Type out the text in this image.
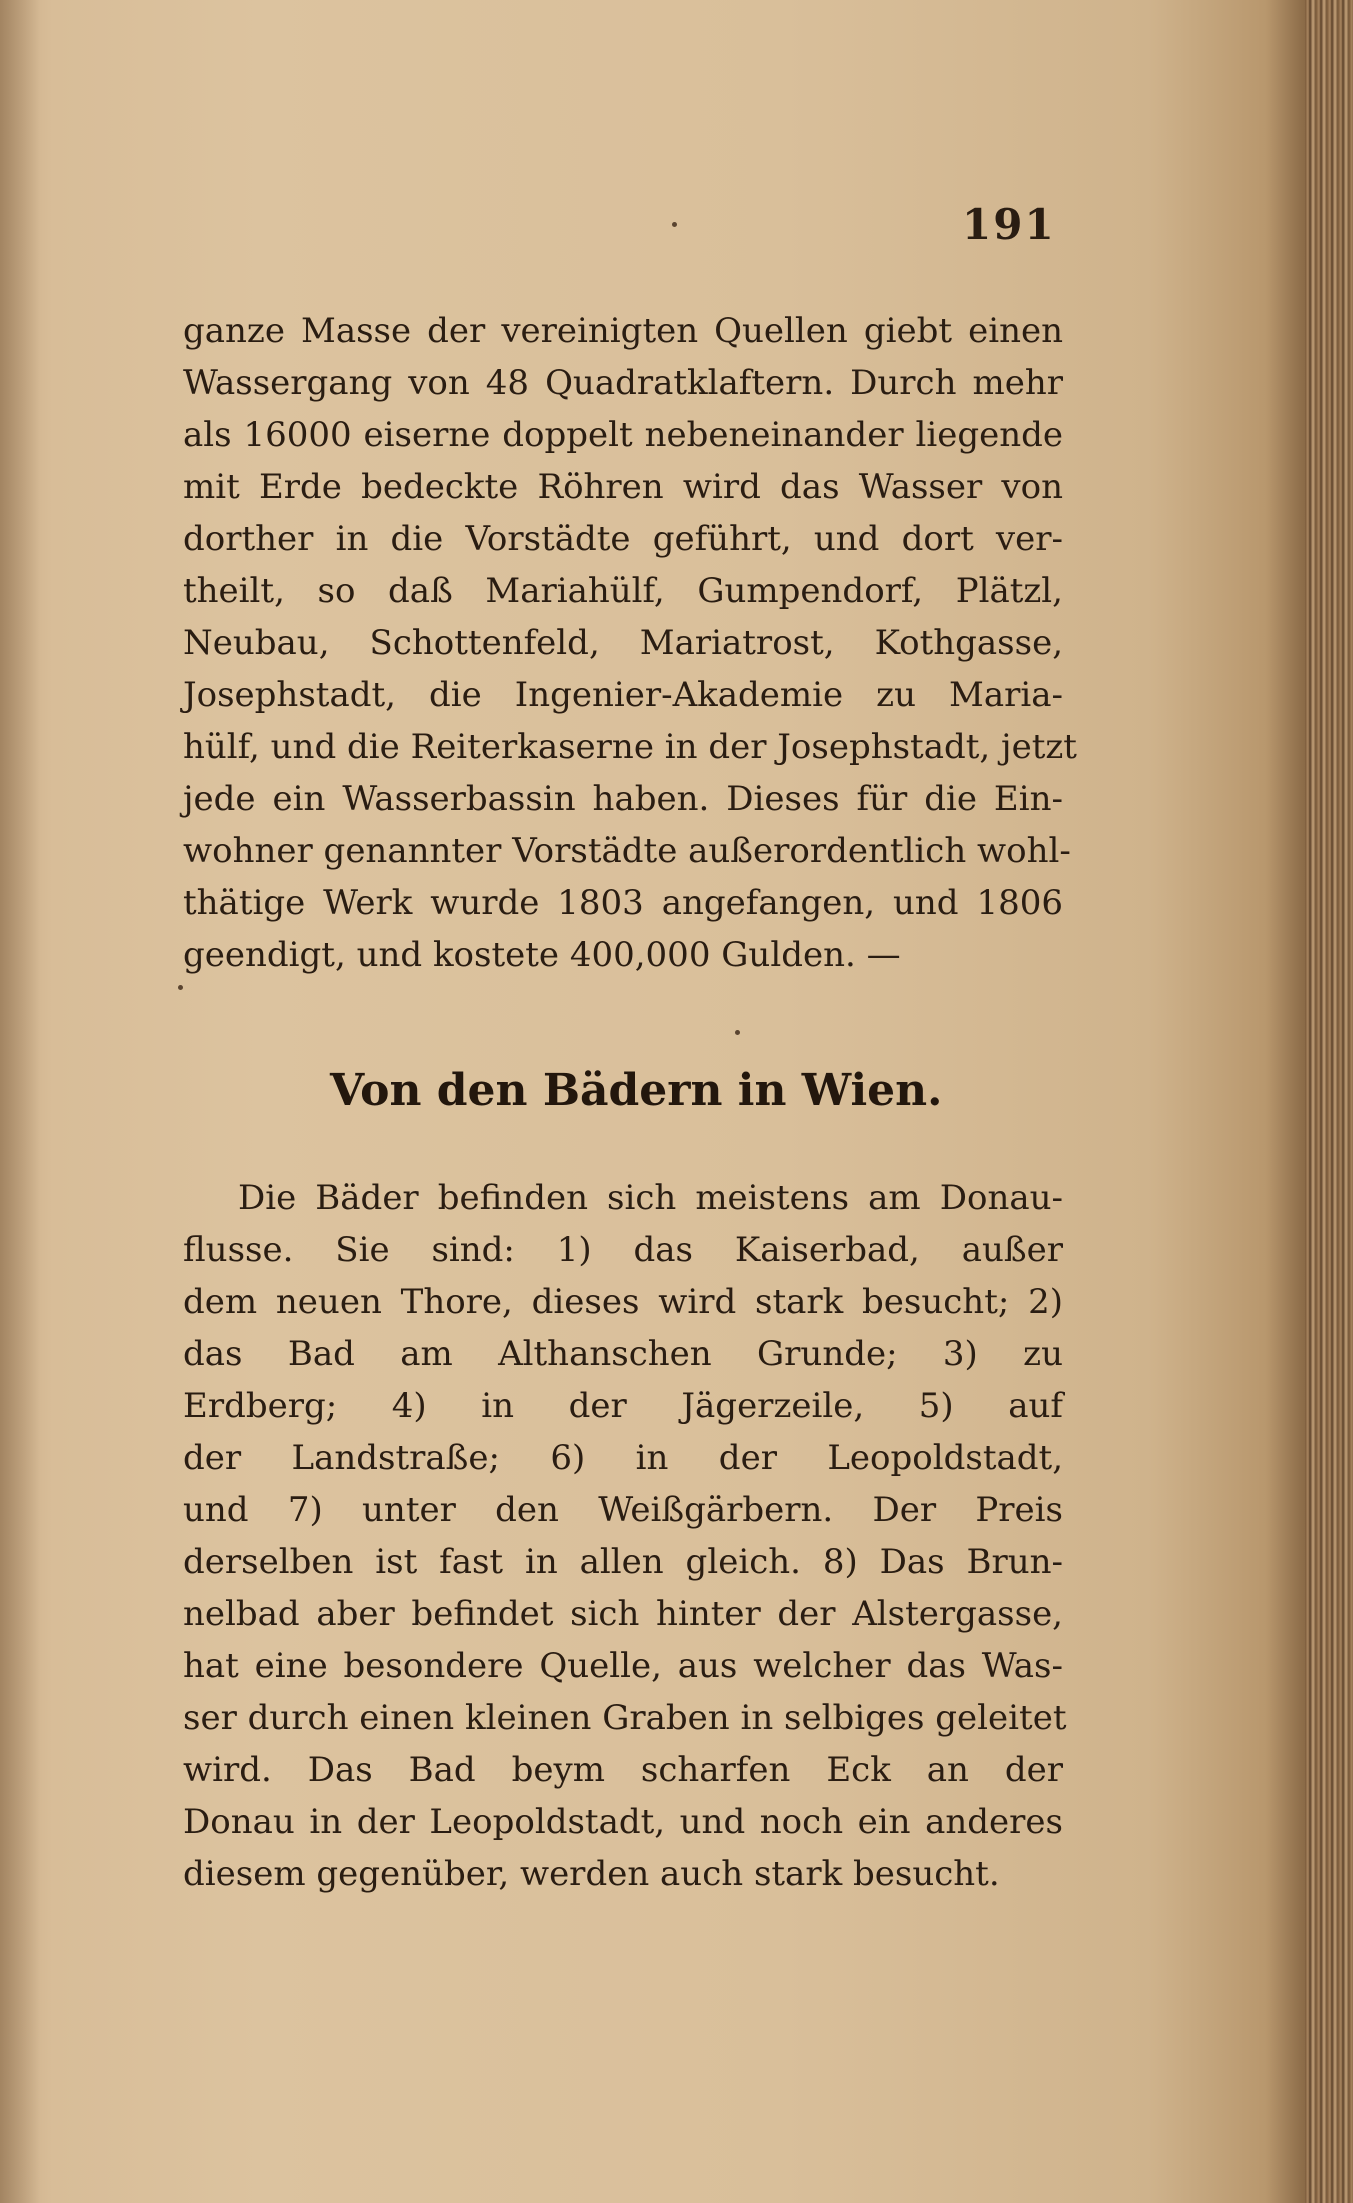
191
ganze Masse der vereinigten Quellen giebt einen
Wassergang von 48 Quadratklaftern. Durch mehr
als 16000 eiserne doppelt nebeneinander liegende
mit Erde bedeckte Röhren wird das Wasser von
dorther in die Vorstädte geführt, und dort ver-
theilt, so daß Mariahülf, Gumpendorf, Plätzl,
Neubau, Schottenfeld, Mariatrost, Kothgasse,
Josephstadt, die Ingenier-Akademie zu Maria-
hülf, und die Reiterkaserne in der Josephstadt, jetzt
jede ein Wasserbassin haben. Dieses für die Ein-
wohner genannter Vorstädte außerordentlich wohl-
thätige Werk wurde 1803 angefangen, und 1806
geendigt, und kostete 400,000 Gulden. —
Von den Bädern in Wien.
Die Bäder befinden sich meistens am Donau-
flusse. Sie sind: 1) das Kaiserbad, außer
dem neuen Thore, dieses wird stark besucht; 2)
das Bad am Althanschen Grunde; 3) zu
Erdberg; 4) in der Jägerzeile, 5) auf
der Landstraße; 6) in der Leopoldstadt,
und 7) unter den Weißgärbern. Der Preis
derselben ist fast in allen gleich. 8) Das Brun-
nelbad aber befindet sich hinter der Alstergasse,
hat eine besondere Quelle, aus welcher das Was-
ser durch einen kleinen Graben in selbiges geleitet
wird. Das Bad beym scharfen Eck an der
Donau in der Leopoldstadt, und noch ein anderes
diesem gegenüber, werden auch stark besucht.
